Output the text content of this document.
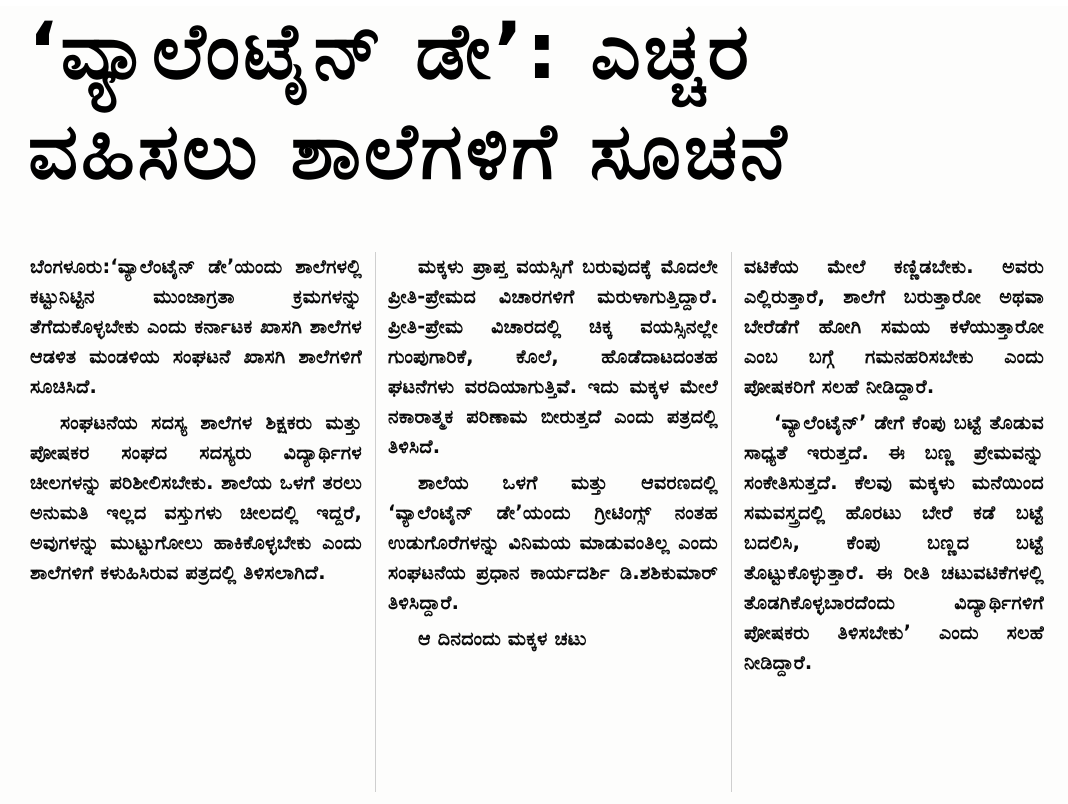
‘ವ್ಯಾಲೆಂಟೈನ್ ಡೇ’: ಎಚ್ಚರ
ವಹಿಸಲು ಶಾಲೆಗಳಿಗೆ ಸೂಚನೆ

ಬೆಂಗಳೂರು:‘ವ್ಯಾಲೆಂಟೈನ್ ಡೇ’ಯಂದು ಶಾಲೆಗಳಲ್ಲಿ ಕಟ್ಟುನಿಟ್ಟಿನ ಮುಂಜಾಗ್ರತಾ ಕ್ರಮಗಳನ್ನು ತೆಗೆದುಕೊಳ್ಳಬೇಕು ಎಂದು ಕರ್ನಾಟಕ ಖಾಸಗಿ ಶಾಲೆಗಳ ಆಡಳಿತ ಮಂಡಳಿಯ ಸಂಘಟನೆ ಖಾಸಗಿ ಶಾಲೆಗಳಿಗೆ ಸೂಚಿಸಿದೆ.

ಸಂಘಟನೆಯ ಸದಸ್ಯ ಶಾಲೆಗಳ ಶಿಕ್ಷಕರು ಮತ್ತು ಪೋಷಕರ ಸಂಘದ ಸದಸ್ಯರು ವಿದ್ಯಾರ್ಥಿಗಳ ಚೀಲಗಳನ್ನು ಪರಿಶೀಲಿಸಬೇಕು. ಶಾಲೆಯ ಒಳಗೆ ತರಲು ಅನುಮತಿ ಇಲ್ಲದ ವಸ್ತುಗಳು ಚೀಲದಲ್ಲಿ ಇದ್ದರೆ, ಅವುಗಳನ್ನು ಮುಟ್ಟುಗೋಲು ಹಾಕಿಕೊಳ್ಳಬೇಕು ಎಂದು ಶಾಲೆಗಳಿಗೆ ಕಳುಹಿಸಿರುವ ಪತ್ರದಲ್ಲಿ ತಿಳಿಸಲಾಗಿದೆ.

ಮಕ್ಕಳು ಪ್ರಾಪ್ತ ವಯಸ್ಸಿಗೆ ಬರುವುದಕ್ಕೆ ಮೊದಲೇ ಪ್ರೀತಿ-ಪ್ರೇಮದ ವಿಚಾರಗಳಿಗೆ ಮರುಳಾಗುತ್ತಿದ್ದಾರೆ. ಪ್ರೀತಿ-ಪ್ರೇಮ ವಿಚಾರದಲ್ಲಿ ಚಿಕ್ಕ ವಯಸ್ಸಿನಲ್ಲೇ ಗುಂಪುಗಾರಿಕೆ, ಕೊಲೆ, ಹೊಡೆದಾಟದಂತಹ ಘಟನೆಗಳು ವರದಿಯಾಗುತ್ತಿವೆ. ಇದು ಮಕ್ಕಳ ಮೇಲೆ ನಕಾರಾತ್ಮಕ ಪರಿಣಾಮ ಬೀರುತ್ತದೆ ಎಂದು ಪತ್ರದಲ್ಲಿ ತಿಳಿಸಿದೆ.

ಶಾಲೆಯ ಒಳಗೆ ಮತ್ತು ಆವರಣದಲ್ಲಿ ‘ವ್ಯಾಲೆಂಟೈನ್ ಡೇ’ಯಂದು ಗ್ರೀಟಿಂಗ್ಸ್ ನಂತಹ ಉಡುಗೊರೆಗಳನ್ನು ವಿನಿಮಯ ಮಾಡುವಂತಿಲ್ಲ ಎಂದು ಸಂಘಟನೆಯ ಪ್ರಧಾನ ಕಾರ್ಯದರ್ಶಿ ಡಿ.ಶಶಿಕುಮಾರ್ ತಿಳಿಸಿದ್ದಾರೆ.

ಆ ದಿನದಂದು ಮಕ್ಕಳ ಚಟು

ವಟಿಕೆಯ ಮೇಲೆ ಕಣ್ಣಿಡಬೇಕು. ಅವರು ಎಲ್ಲಿರುತ್ತಾರೆ, ಶಾಲೆಗೆ ಬರುತ್ತಾರೋ ಅಥವಾ ಬೇರೆಡೆಗೆ ಹೋಗಿ ಸಮಯ ಕಳೆಯುತ್ತಾರೋ ಎಂಬ ಬಗ್ಗೆ ಗಮನಹರಿಸಬೇಕು ಎಂದು ಪೋಷಕರಿಗೆ ಸಲಹೆ ನೀಡಿದ್ದಾರೆ.

‘ವ್ಯಾಲೆಂಟೈನ್’ ಡೇಗೆ ಕೆಂಪು ಬಟ್ಟೆ ತೊಡುವ ಸಾಧ್ಯತೆ ಇರುತ್ತದೆ. ಈ ಬಣ್ಣ ಪ್ರೇಮವನ್ನು ಸಂಕೇತಿಸುತ್ತದೆ. ಕೆಲವು ಮಕ್ಕಳು ಮನೆಯಿಂದ ಸಮವಸ್ತ್ರದಲ್ಲಿ ಹೊರಟು ಬೇರೆ ಕಡೆ ಬಟ್ಟೆ ಬದಲಿಸಿ, ಕೆಂಪು ಬಣ್ಣದ ಬಟ್ಟೆ ತೊಟ್ಟುಕೊಳ್ಳುತ್ತಾರೆ. ಈ ರೀತಿ ಚಟುವಟಿಕೆಗಳಲ್ಲಿ ತೊಡಗಿಕೊಳ್ಳಬಾರದೆಂದು ವಿದ್ಯಾರ್ಥಿಗಳಿಗೆ ಪೋಷಕರು ತಿಳಿಸಬೇಕು’ ಎಂದು ಸಲಹೆ ನೀಡಿದ್ದಾರೆ.
